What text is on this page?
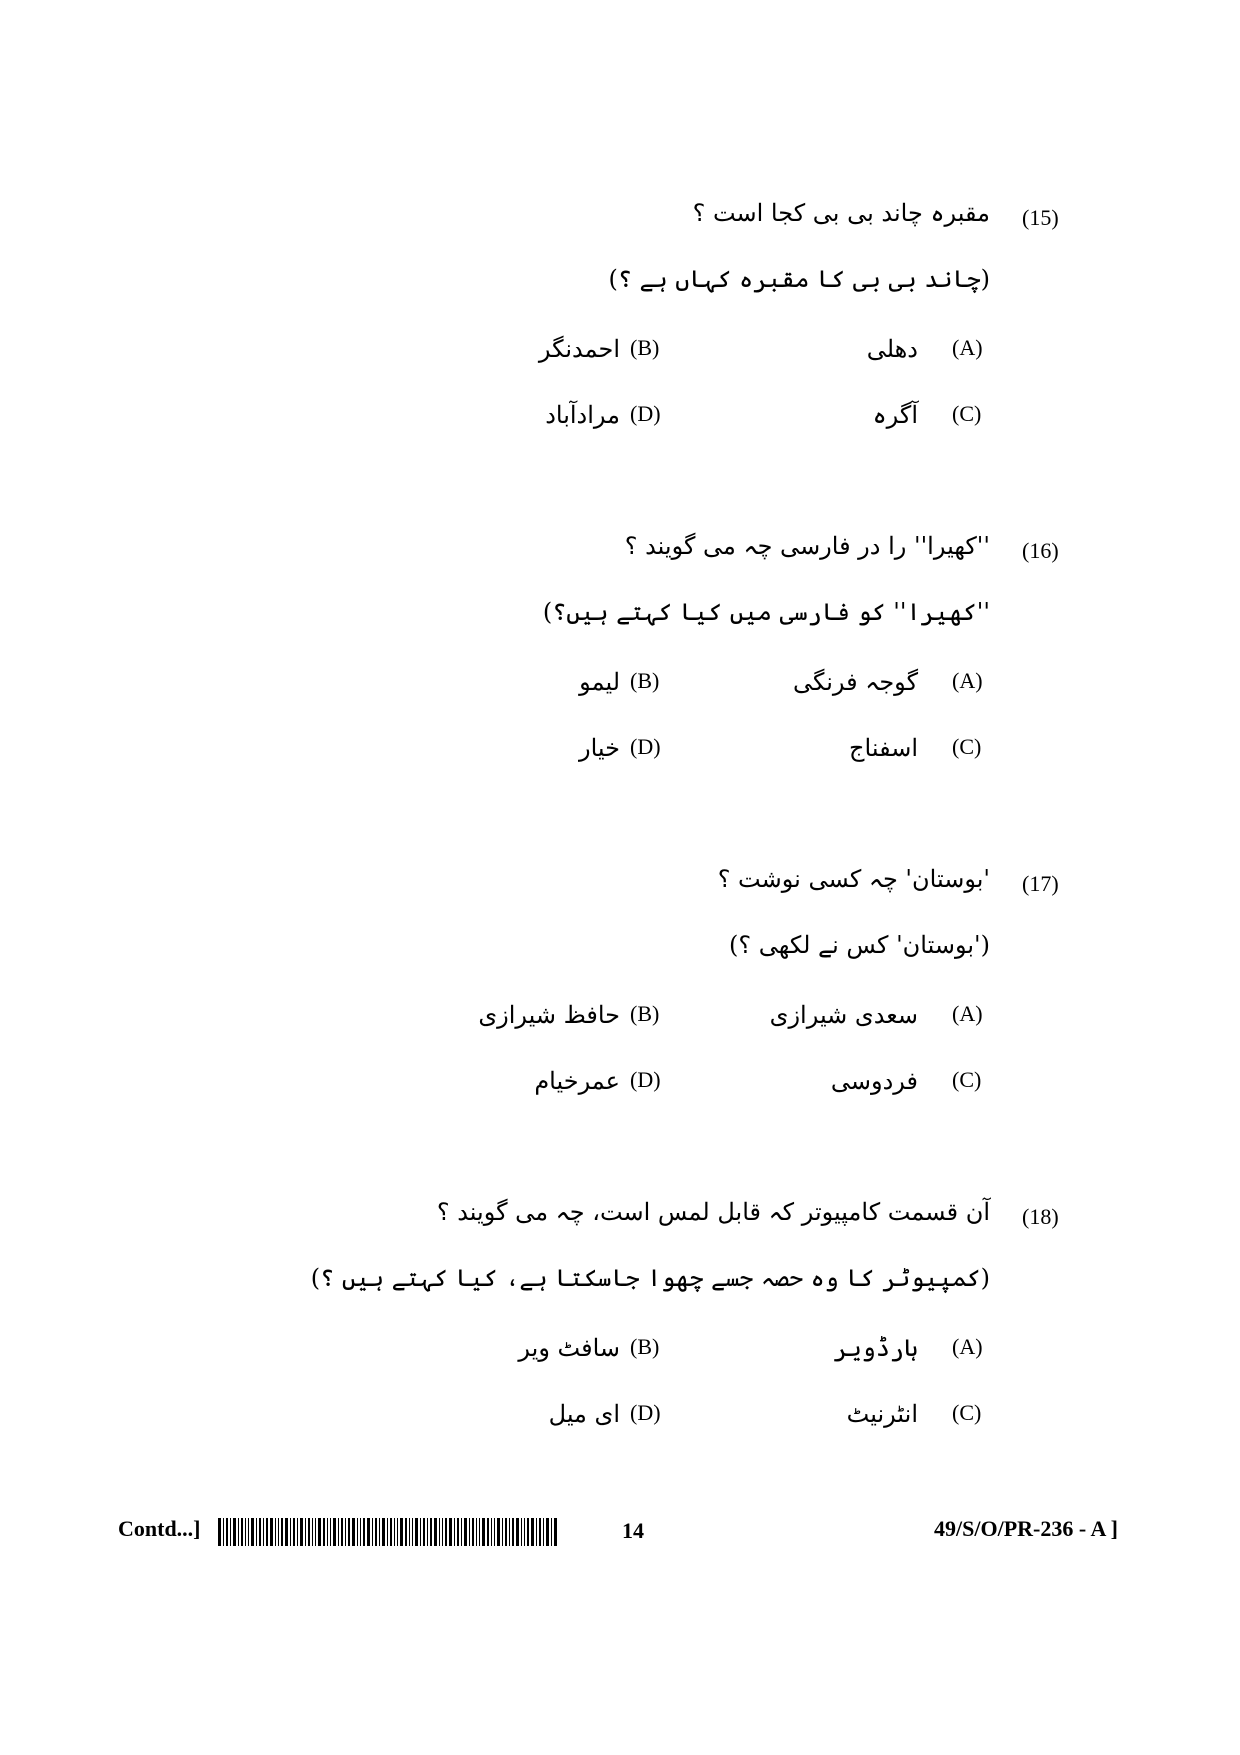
(15)
مقبرہ چاند بی بی کجا است ؟
(چاند بی بی کا مقبرہ کہاں ہے ؟)
(A)
دھلی
(B)
احمدنگر
(C)
آگرہ
(D)
مرادآباد
(16)
''کھیرا'' را در فارسی چہ می گویند ؟
''کھیرا'' کو فارسی میں کیا کہتے ہیں؟)
(A)
گوجہ فرنگی
(B)
لیمو
(C)
اسفناج
(D)
خیار
(17)
'بوستان' چہ کسی نوشت ؟
('بوستان' کس نے لکھی ؟)
(A)
سعدی شیرازی
(B)
حافظ شیرازی
(C)
فردوسی
(D)
عمرخیام
(18)
آن قسمت کامپیوتر کہ قابل لمس است، چہ می گویند ؟
(کمپیوٹر کا وہ حصہ جسے چھوا جاسکتا ہے، کیا کہتے ہیں ؟)
(A)
ہارڈویر
(B)
سافٹ ویر
(C)
انٹرنیٹ
(D)
ای میل
Contd...]	14	49/S/O/PR-236 - A ]
